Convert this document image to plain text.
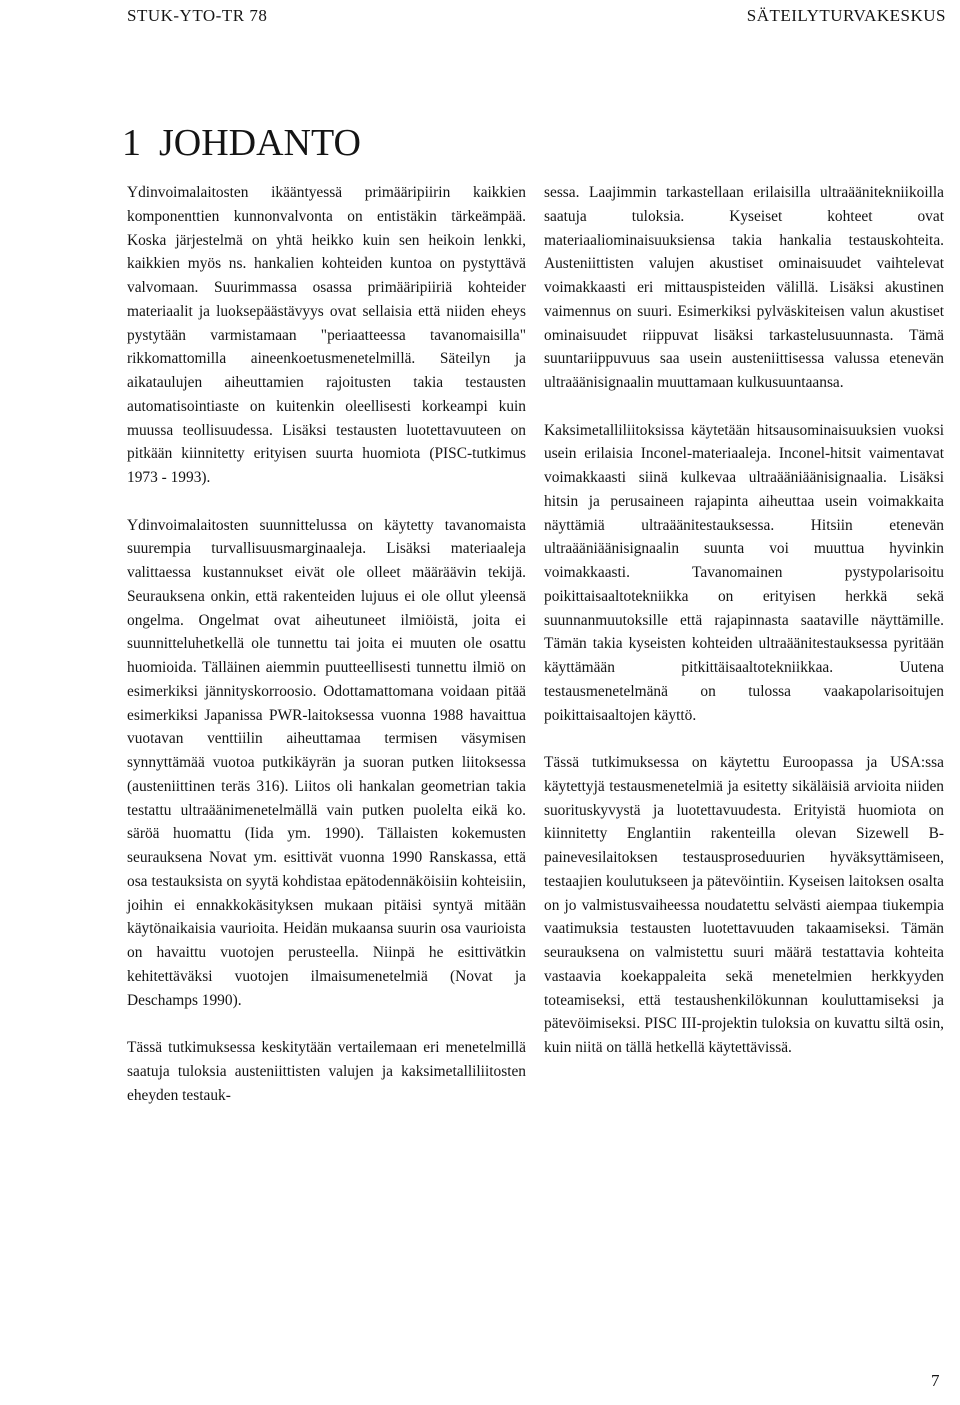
STUK-YTO-TR 78	SÄTEILYTURVAKESKUS
1 JOHDANTO

Ydinvoimalaitosten ikääntyessä primääripiirin kaikkien komponenttien kunnonvalvonta on entistäkin tärkeämpää. Koska järjestelmä on yhtä heikko kuin sen heikoin lenkki, kaikkien myös ns. hankalien kohteiden kuntoa on pystyttävä valvomaan. Suurimmassa osassa primääripiiriä kohteider materiaalit ja luoksepäästävyys ovat sellaisia että niiden eheys pystytään varmistamaan "periaatteessa tavanomaisilla" rikkomattomilla aineenkoetusmenetelmillä. Säteilyn ja aikataulujen aiheuttamien rajoitusten takia testausten automatisointiaste on kuitenkin oleellisesti korkeampi kuin muussa teollisuudessa. Lisäksi testausten luotettavuuteen on pitkään kiinnitetty erityisen suurta huomiota (PISC-tutkimus 1973 - 1993).

Ydinvoimalaitosten suunnittelussa on käytetty tavanomaista suurempia turvallisuusmarginaaleja. Lisäksi materiaaleja valittaessa kustannukset eivät ole olleet määräävin tekijä. Seurauksena onkin, että rakenteiden lujuus ei ole ollut yleensä ongelma. Ongelmat ovat aiheutuneet ilmiöistä, joita ei suunnitteluhetkellä ole tunnettu tai joita ei muuten ole osattu huomioida. Tälläinen aiemmin puutteellisesti tunnettu ilmiö on esimerkiksi jännityskorroosio. Odottamattomana voidaan pitää esimerkiksi Japanissa PWR-laitoksessa vuonna 1988 havaittua vuotavan venttiilin aiheuttamaa termisen väsymisen synnyttämää vuotoa putkikäyrän ja suoran putken liitoksessa (austeniittinen teräs 316). Liitos oli hankalan geometrian takia testattu ultraäänimenetelmällä vain putken puolelta eikä ko. säröä huomattu (Iida ym. 1990). Tällaisten kokemusten seurauksena Novat ym. esittivät vuonna 1990 Ranskassa, että osa testauksista on syytä kohdistaa epätodennäköisiin kohteisiin, joihin ei ennakkokäsityksen mukaan pitäisi syntyä mitään käytönaikaisia vaurioita. Heidän mukaansa suurin osa vaurioista on havaittu vuotojen perusteella. Niinpä he esittivätkin kehitettäväksi vuotojen ilmaisumenetelmiä (Novat ja Deschamps 1990).

Tässä tutkimuksessa keskitytään vertailemaan eri menetelmillä saatuja tuloksia austeniittisten valujen ja kaksimetalliliitosten eheyden testauk-

sessa. Laajimmin tarkastellaan erilaisilla ultraäänitekniikoilla saatuja tuloksia. Kyseiset kohteet ovat materiaaliominaisuuksiensa takia hankalia testauskohteita. Austeniittisten valujen akustiset ominaisuudet vaihtelevat voimakkaasti eri mittauspisteiden välillä. Lisäksi akustinen vaimennus on suuri. Esimerkiksi pylväskiteisen valun akustiset ominaisuudet riippuvat lisäksi tarkastelusuunnasta. Tämä suuntariippuvuus saa usein austeniittisessa valussa etenevän ultraäänisignaalin muuttamaan kulkusuuntaansa.

Kaksimetalliliitoksissa käytetään hitsausominaisuuksien vuoksi usein erilaisia Inconel-materiaaleja. Inconel-hitsit vaimentavat voimakkaasti siinä kulkevaa ultraääniäänisignaalia. Lisäksi hitsin ja perusaineen rajapinta aiheuttaa usein voimakkaita näyttämiä ultraäänitestauksessa. Hitsiin etenevän ultraääniäänisignaalin suunta voi muuttua hyvinkin voimakkaasti. Tavanomainen pystypolarisoitu poikittaisaaltotekniikka on erityisen herkkä sekä suunnanmuutoksille että rajapinnasta saataville näyttämille. Tämän takia kyseisten kohteiden ultraäänitestauksessa pyritään käyttämään pitkittäisaaltotekniikkaa. Uutena testausmenetelmänä on tulossa vaakapolarisoitujen poikittaisaaltojen käyttö.

Tässä tutkimuksessa on käytettu Euroopassa ja USA:ssa käytettyjä testausmenetelmiä ja esitetty sikäläisiä arvioita niiden suorituskyvystä ja luotettavuudesta. Erityistä huomiota on kiinnitetty Englantiin rakenteilla olevan Sizewell B-painevesilaitoksen testausproseduurien hyväksyttämiseen, testaajien koulutukseen ja pätevöintiin. Kyseisen laitoksen osalta on jo valmistusvaiheessa noudatettu selvästi aiempaa tiukempia vaatimuksia testausten luotettavuuden takaamiseksi. Tämän seurauksena on valmistettu suuri määrä testattavia kohteita vastaavia koekappaleita sekä menetelmien herkkyyden toteamiseksi, että testaushenkilökunnan kouluttamiseksi ja pätevöimiseksi. PISC III-projektin tuloksia on kuvattu siltä osin, kuin niitä on tällä hetkellä käytettävissä.

7
